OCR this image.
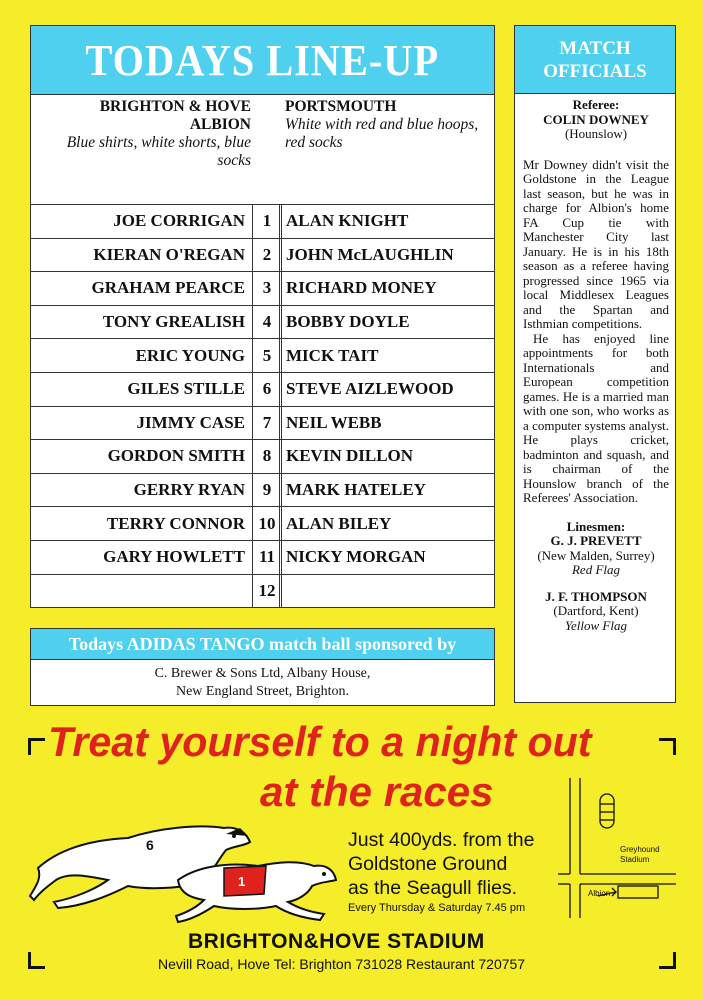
TODAYS LINE-UP
BRIGHTON & HOVE ALBION
Blue shirts, white shorts, blue socks
PORTSMOUTH
White with red and blue hoops, red socks
JOE CORRIGAN	1 ALAN KNIGHT
KIERAN O'REGAN	2 JOHN McLAUGHLIN
GRAHAM PEARCE	3 RICHARD MONEY
TONY GREALISH	4 BOBBY DOYLE
ERIC YOUNG	5 MICK TAIT
GILES STILLE	6 STEVE AIZLEWOOD
JIMMY CASE	7 NEIL WEBB
GORDON SMITH	8 KEVIN DILLON
GERRY RYAN	9 MARK HATELEY
TERRY CONNOR 10 ALAN BILEY
GARY HOWLETT 11 NICKY MORGAN
12
MATCH
OFFICIALS
Referee:
COLIN DOWNEY
(Hounslow)
Mr Downey didn't visit the Goldstone in the League last season, but he was in charge for Albion's home FA Cup tie with Manchester City last January. He is in his 18th season as a referee having progressed since 1965 via local Middlesex Leagues and the Spartan and Isthmian competitions.
He has enjoyed line appointments for both Internationals and European competition games. He is a married man with one son, who works as a computer systems analyst. He plays cricket, badminton and squash, and is chairman of the Hounslow branch of the Referees' Association.
Linesmen:
G. J. PREVETT
(New Malden, Surrey)
Red Flag
J. F. THOMPSON
(Dartford, Kent)
Yellow Flag
Todays ADIDAS TANGO match ball sponsored by
C. Brewer & Sons Ltd, Albany House,
New England Street, Brighton.
Treat yourself to a night out
at the races
6
1
Just 400yds. from the
Goldstone Ground
as the Seagull flies.
Every Thursday & Saturday 7.45 pm
Greyhound
Stadium
Albion
BRIGHTON&HOVE STADIUM
Nevill Road, Hove Tel: Brighton 731028 Restaurant 720757
